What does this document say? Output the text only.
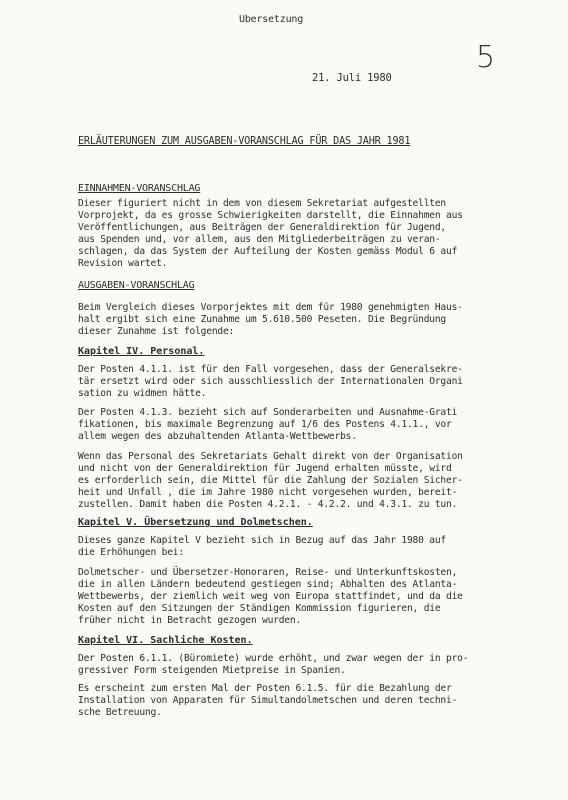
Ubersetzung
5
21. Juli 1980
ERLÄUTERUNGEN ZUM AUSGABEN-VORANSCHLAG FÜR DAS JAHR 1981
EINNAHMEN-VORANSCHLAG
Dieser figuriert nicht in dem von diesem Sekretariat aufgestellten
Vorprojekt, da es grosse Schwierigkeiten darstellt, die Einnahmen aus
Veröffentlichungen, aus Beiträgen der Generaldirektion für Jugend,
aus Spenden und, vor allem, aus den Mitgliederbeiträgen zu veran-
schlagen, da das System der Aufteilung der Kosten gemäss Modul 6 auf
Revision wartet.
AUSGABEN-VORANSCHLAG
Beim Vergleich dieses Vorporjektes mit dem für 1980 genehmigten Haus-
halt ergibt sich eine Zunahme um 5.610.500 Peseten. Die Begründung
dieser Zunahme ist folgende:
Kapitel IV. Personal.
Der Posten 4.1.1. ist für den Fall vorgesehen, dass der Generalsekre-
tär ersetzt wird oder sich ausschliesslich der Internationalen Organi
sation zu widmen hätte.
Der Posten 4.1.3. bezieht sich auf Sonderarbeiten und Ausnahme-Grati
fikationen, bis maximale Begrenzung auf 1/6 des Postens 4.1.1., vor
allem wegen des abzuhaltenden Atlanta-Wettbewerbs.
Wenn das Personal des Sekretariats Gehalt direkt von der Organisation
und nicht von der Generaldirektion für Jugend erhalten müsste, wird
es erforderlich sein, die Mittel für die Zahlung der Sozialen Sicher-
heit und Unfall , die im Jahre 1980 nicht vorgesehen wurden, bereit-
zustellen. Damit haben die Posten 4.2.1. - 4.2.2. und 4.3.1. zu tun.
Kapitel V. Übersetzung und Dolmetschen.
Dieses ganze Kapitel V bezieht sich in Bezug auf das Jahr 1980 auf
die Erhöhungen bei:
Dolmetscher- und Übersetzer-Honoraren, Reise- und Unterkunftskosten,
die in allen Ländern bedeutend gestiegen sind; Abhalten des Atlanta-
Wettbewerbs, der ziemlich weit weg von Europa stattfindet, und da die
Kosten auf den Sitzungen der Ständigen Kommission figurieren, die
früher nicht in Betracht gezogen wurden.
Kapitel VI. Sachliche Kosten.
Der Posten 6.1.1. (Büromiete) wurde erhöht, und zwar wegen der in pro-
gressiver Form steigenden Mietpreise in Spanien.
Es erscheint zum ersten Mal der Posten 6.1.5. für die Bezahlung der
Installation von Apparaten für Simultandolmetschen und deren techni-
sche Betreuung.
